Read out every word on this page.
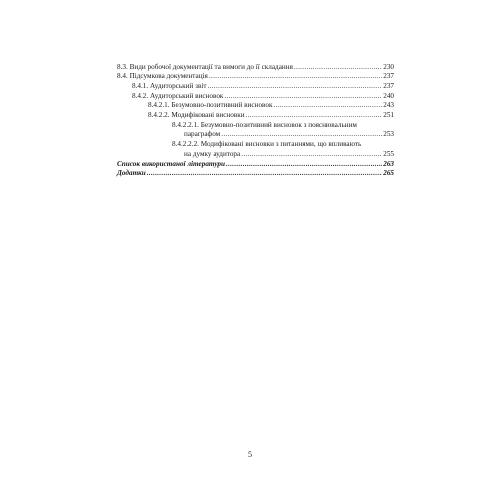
8.3. Види робочої документації та вимоги до її складання .....	230
8.4. Підсумкова документація .....	237
8.4.1. Аудиторський звіт .....	237
8.4.2. Аудиторський висновок .....	240
8.4.2.1. Безумовно-позитивний висновок .....	243
8.4.2.2. Модифіковані висновки .....	251
8.4.2.2.1. Безумовно-позитивний висновок з пояснювальним
параграфом .....	253
8.4.2.2.2. Модифіковані висновки з питаннями, що впливають
на думку аудитора .....	255
Список використаної літератури .....	263
Додатки .....	265
5
